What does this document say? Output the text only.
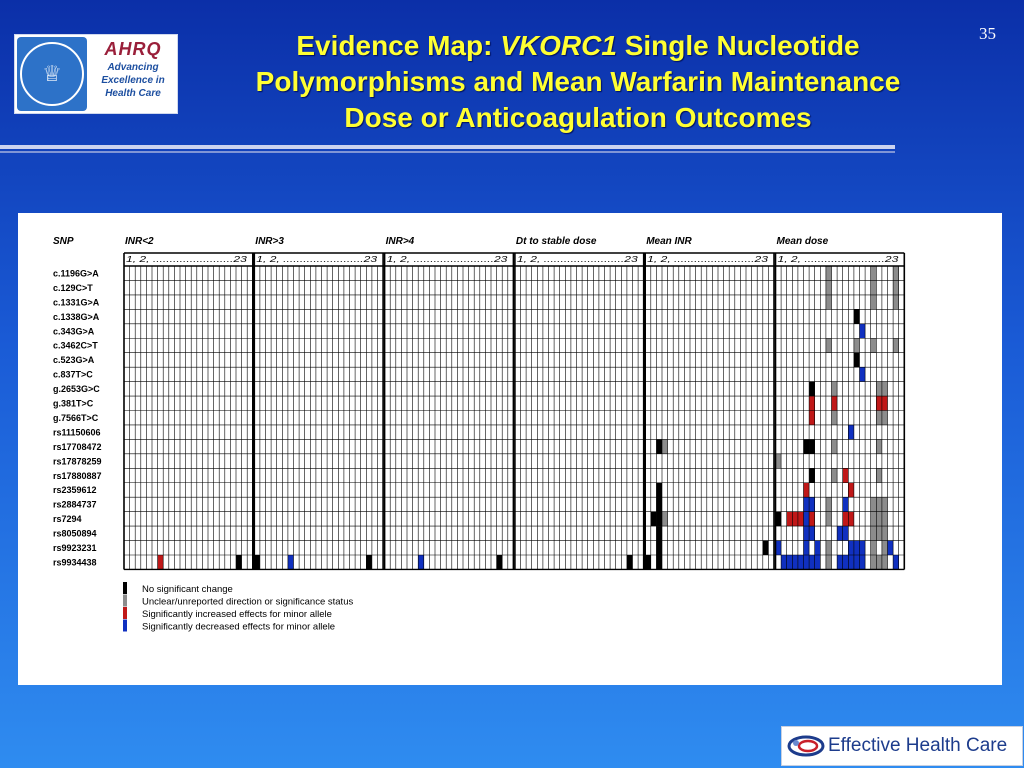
35
♕
AHRQ
Advancing
Excellence in
Health Care
Evidence Map: VKORC1 Single Nucleotide
Polymorphisms and Mean Warfarin Maintenance
Dose or Anticoagulation Outcomes
SNP	INR<2
1, 2, ........................23
INR>3
1, 2, ........................23
INR>4
1, 2, ........................23
Dt to stable dose
1, 2, ........................23
Mean INR
1, 2, ........................23
Mean dose
1, 2, ........................23
c.1196G>A
c.129C>T
c.1331G>A
c.1338G>A
c.343G>A
c.3462C>T
c.523G>A
c.837T>C
g.2653G>C
g.381T>C
g.7566T>C
rs11150606
rs17708472
rs17878259
rs17880887
rs2359612
rs2884737
rs7294
rs8050894
rs9923231
rs9934438
No significant change
Unclear/unreported direction or significance status
Significantly increased effects for minor allele
Significantly decreased effects for minor allele
Effective Health Care
